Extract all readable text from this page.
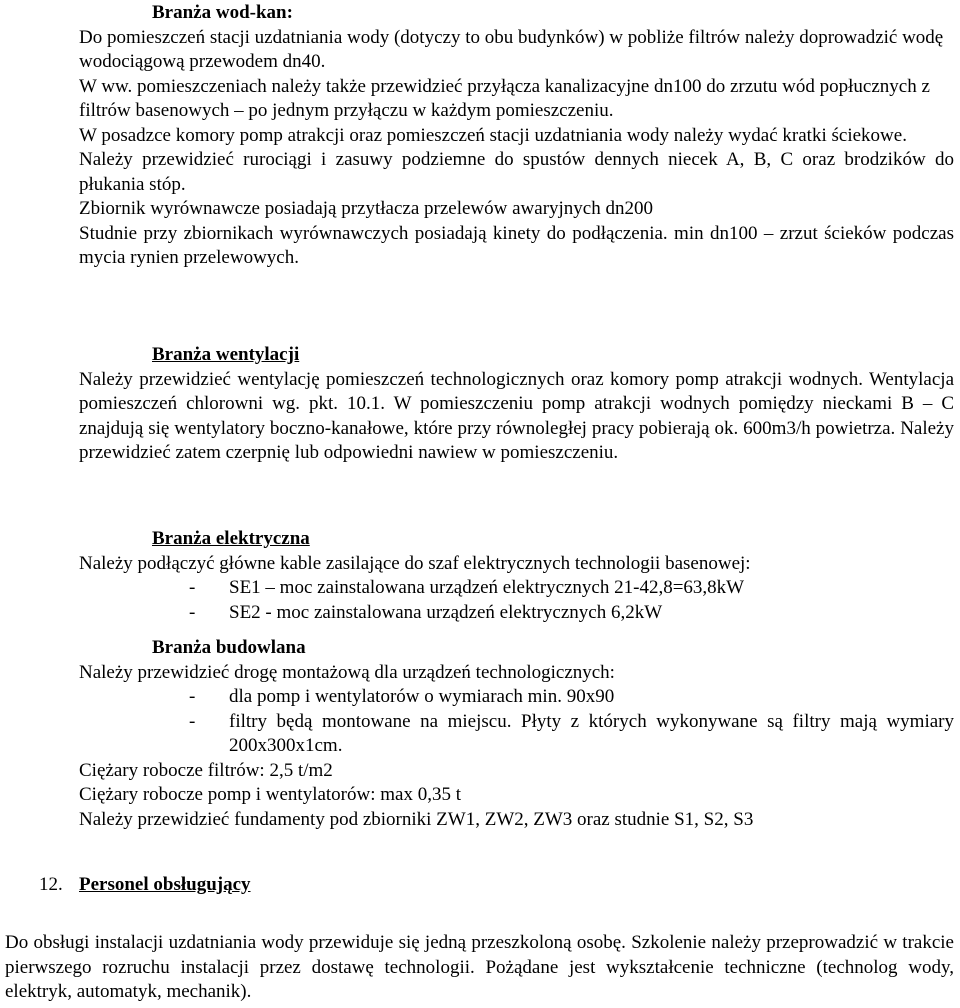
Branża wod-kan:

Do pomieszczeń stacji uzdatniania wody (dotyczy to obu budynków) w pobliże filtrów należy doprowadzić wodę wodociągową przewodem dn40.

W ww. pomieszczeniach należy także przewidzieć przyłącza kanalizacyjne dn100 do zrzutu wód popłucznych z filtrów basenowych – po jednym przyłączu w każdym pomieszczeniu.

W posadzce komory pomp atrakcji oraz pomieszczeń stacji uzdatniania wody należy wydać kratki ściekowe.

Należy przewidzieć rurociągi i zasuwy podziemne do spustów dennych niecek A, B, C oraz brodzików do płukania stóp.

Zbiornik wyrównawcze posiadają przytłacza przelewów awaryjnych dn200

Studnie przy zbiornikach wyrównawczych posiadają kinety do podłączenia. min dn100 – zrzut ścieków podczas mycia rynien przelewowych.

Branża wentylacji

Należy przewidzieć wentylację pomieszczeń technologicznych oraz komory pomp atrakcji wodnych. Wentylacja pomieszczeń chlorowni wg. pkt. 10.1. W pomieszczeniu pomp atrakcji wodnych pomiędzy nieckami B – C znajdują się wentylatory boczno-kanałowe, które przy równoległej pracy pobierają ok. 600m3/h powietrza. Należy przewidzieć zatem czerpnię lub odpowiedni nawiew w pomieszczeniu.

Branża elektryczna

Należy podłączyć główne kable zasilające do szaf elektrycznych technologii basenowej:

- SE1 – moc zainstalowana urządzeń elektrycznych 21-42,8=63,8kW

- SE2 - moc zainstalowana urządzeń elektrycznych 6,2kW

Branża budowlana

Należy przewidzieć drogę montażową dla urządzeń technologicznych:

- dla pomp i wentylatorów o wymiarach min. 90x90

- filtry będą montowane na miejscu. Płyty z których wykonywane są filtry mają wymiary 200x300x1cm.

Ciężary robocze filtrów: 2,5 t/m2

Ciężary robocze pomp i wentylatorów: max 0,35 t

Należy przewidzieć fundamenty pod zbiorniki ZW1, ZW2, ZW3 oraz studnie S1, S2, S3

12. Personel obsługujący

Do obsługi instalacji uzdatniania wody przewiduje się jedną przeszkoloną osobę. Szkolenie należy przeprowadzić w trakcie pierwszego rozruchu instalacji przez dostawę technologii. Pożądane jest wykształcenie techniczne (technolog wody, elektryk, automatyk, mechanik).
